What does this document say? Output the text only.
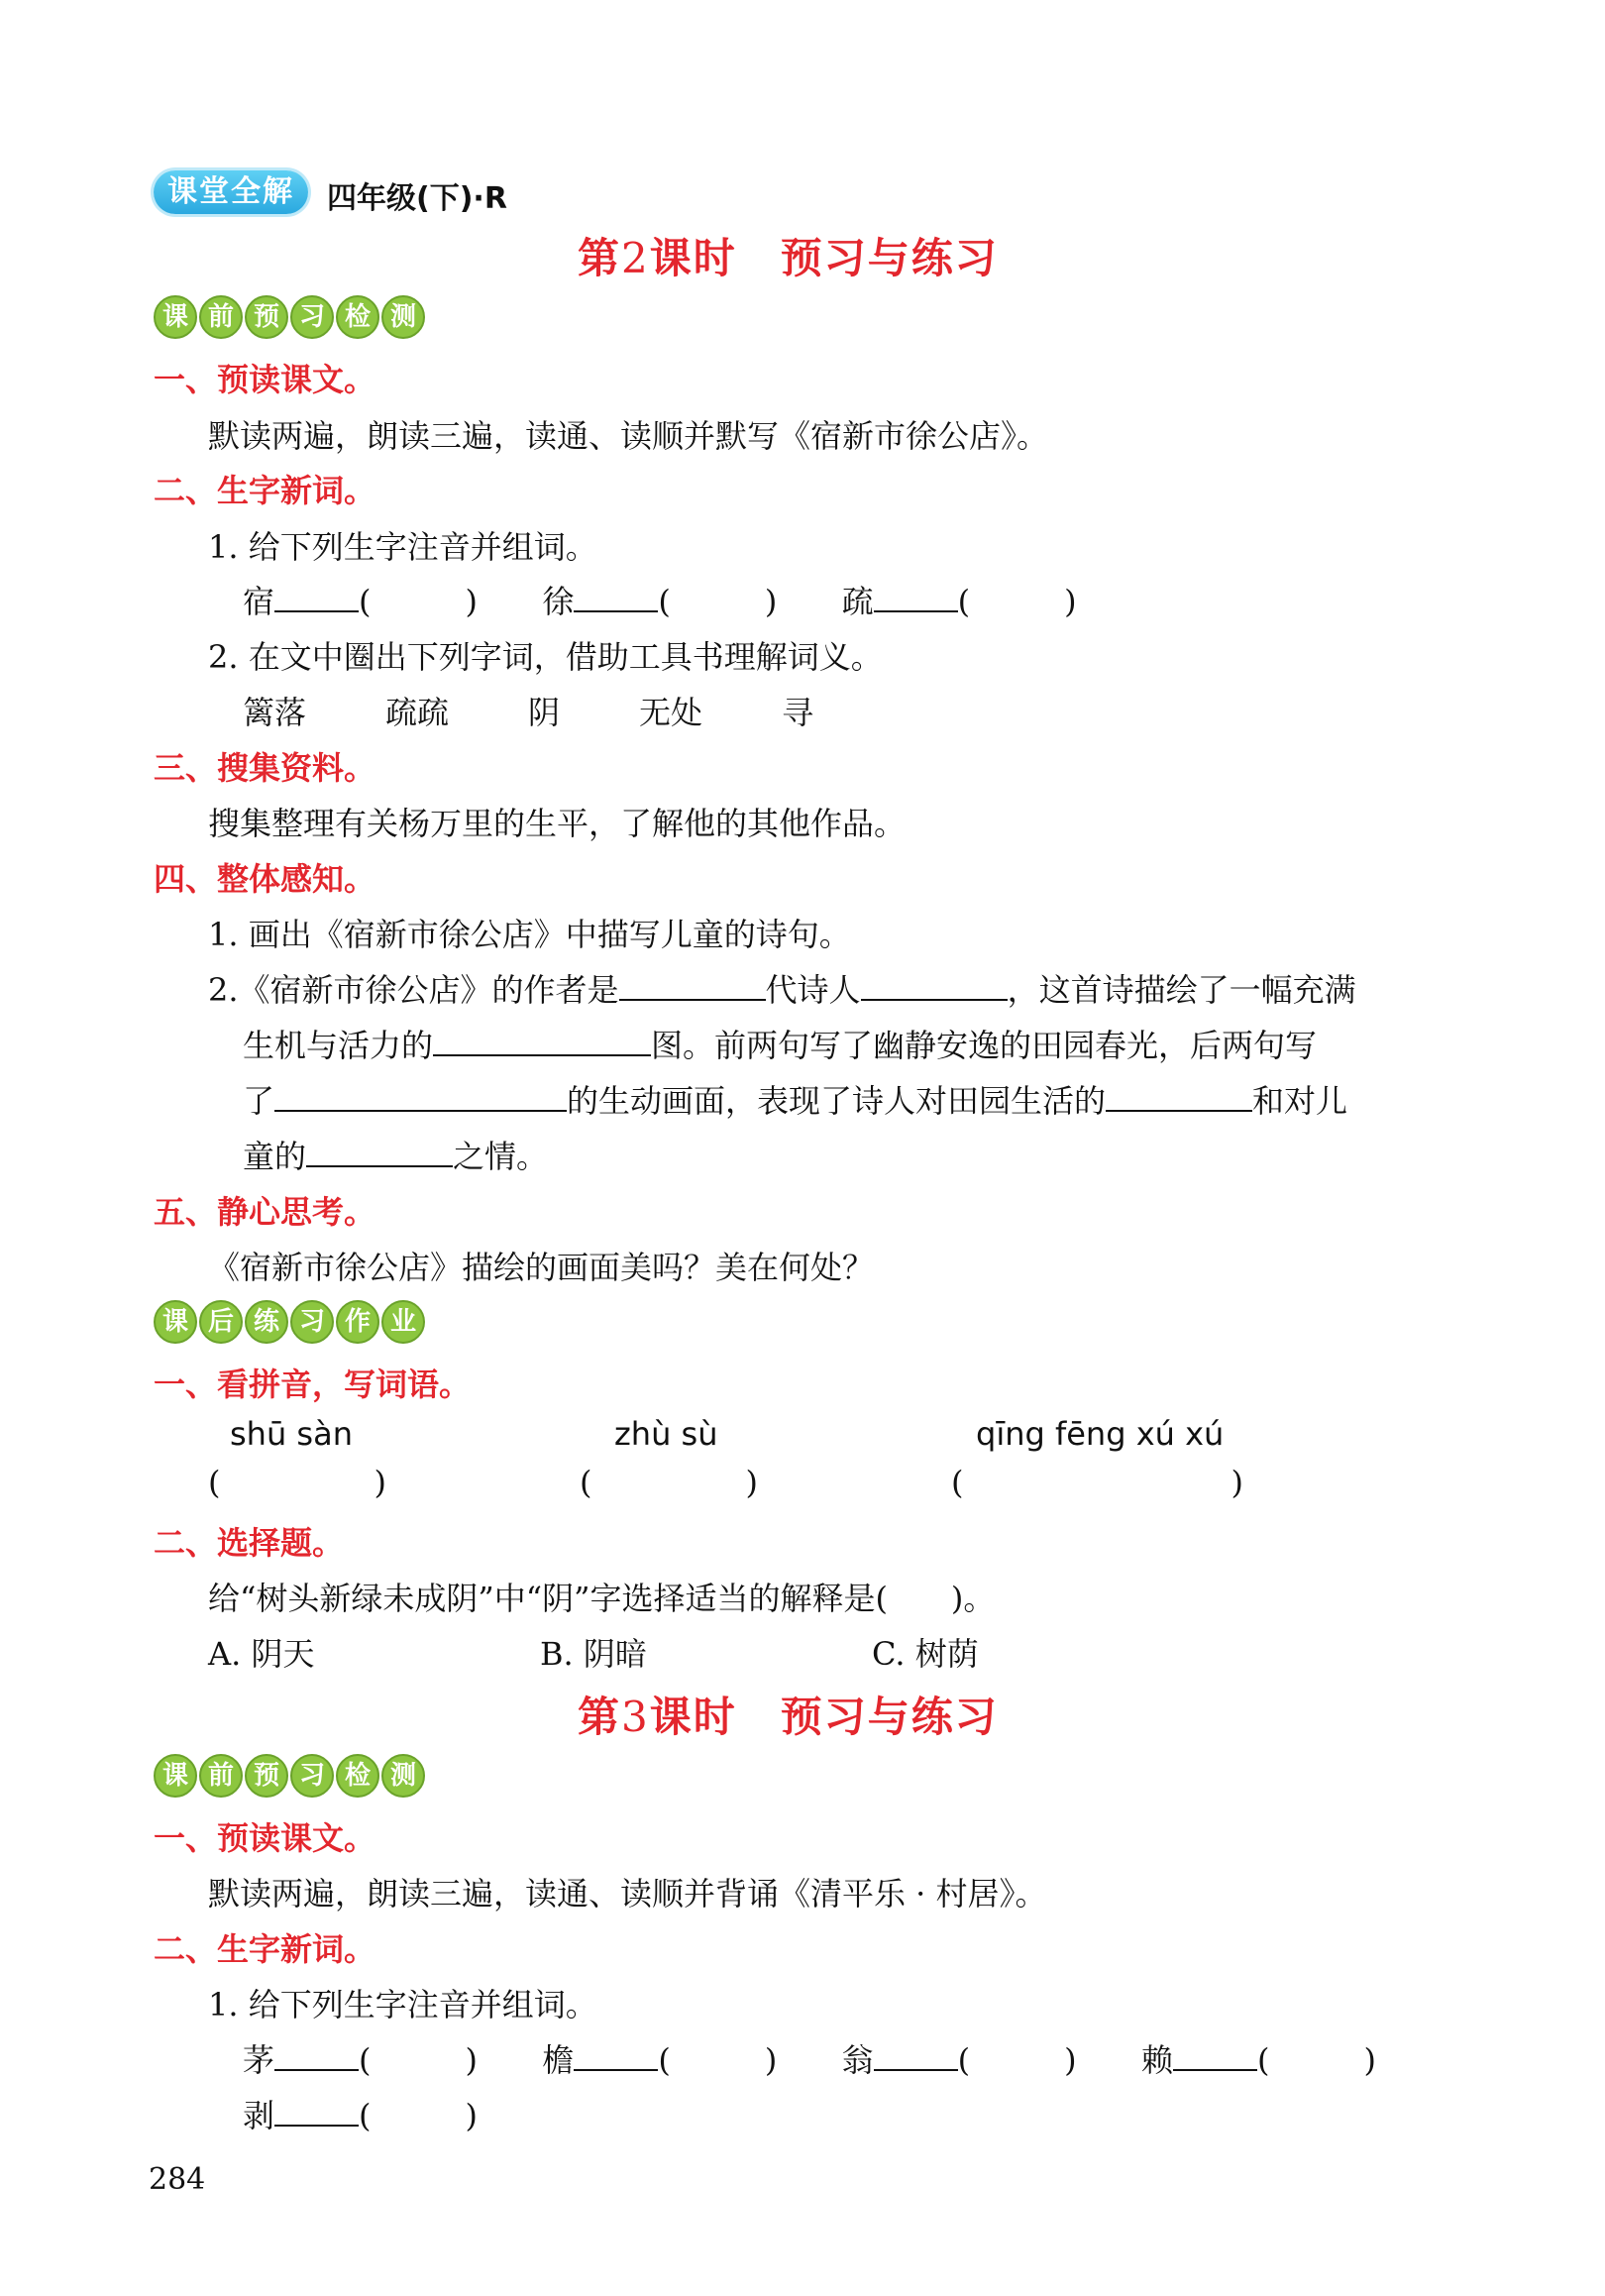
课堂全解	四年级(下)·R
第2课时　预习与练习
课 前 预 习 检 测
一、预读课文。
默读两遍，朗读三遍，读通、读顺并默写《宿新市徐公店》。
二、生字新词。
1. 给下列生字注音并组词。
宿	(	) 徐	(	) 疏	(	)
2. 在文中圈出下列字词，借助工具书理解词义。
篱落	疏疏	阴	无处	寻
三、搜集资料。
搜集整理有关杨万里的生平，了解他的其他作品。
四、整体感知。
1. 画出《宿新市徐公店》中描写儿童的诗句。
2.《宿新市徐公店》的作者是	代诗人	，这首诗描绘了一幅充满
生机与活力的	图。前两句写了幽静安逸的田园春光，后两句写
了	的生动画面，表现了诗人对田园生活的	和对儿
童的	之情。
五、静心思考。
《宿新市徐公店》描绘的画面美吗？美在何处？
课 后 练 习 作 业
一、看拼音，写词语。
shū sàn	zhù sù	qīng fēng xú xú
(	)	(	)	(	)
二、选择题。
给“树头新绿未成阴”中“阴”字选择适当的解释是(　　)。
A. 阴天	B. 阴暗	C. 树荫
第3课时　预习与练习
课 前 预 习 检 测
一、预读课文。
默读两遍，朗读三遍，读通、读顺并背诵《清平乐 · 村居》。
二、生字新词。
1. 给下列生字注音并组词。
茅	(	) 檐	(	) 翁	(	) 赖	(	)
剥	(	)
284
